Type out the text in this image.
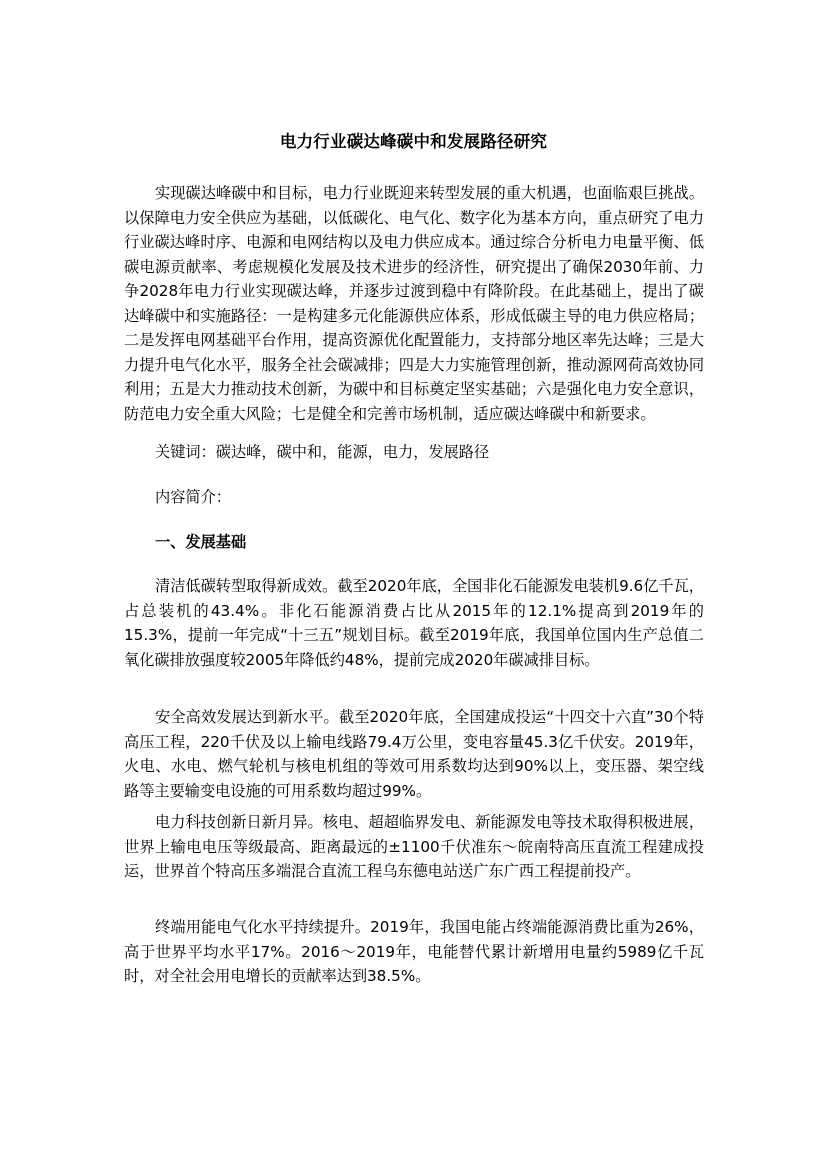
电力行业碳达峰碳中和发展路径研究

实现碳达峰碳中和目标，电力行业既迎来转型发展的重大机遇，也面临艰巨挑战。以保障电力安全供应为基础，以低碳化、电气化、数字化为基本方向，重点研究了电力行业碳达峰时序、电源和电网结构以及电力供应成本。通过综合分析电力电量平衡、低碳电源贡献率、考虑规模化发展及技术进步的经济性，研究提出了确保2030年前、力争2028年电力行业实现碳达峰，并逐步过渡到稳中有降阶段。在此基础上，提出了碳达峰碳中和实施路径：一是构建多元化能源供应体系，形成低碳主导的电力供应格局；二是发挥电网基础平台作用，提高资源优化配置能力，支持部分地区率先达峰；三是大力提升电气化水平，服务全社会碳减排；四是大力实施管理创新，推动源网荷高效协同利用；五是大力推动技术创新，为碳中和目标奠定坚实基础；六是强化电力安全意识，防范电力安全重大风险；七是健全和完善市场机制，适应碳达峰碳中和新要求。

关键词：碳达峰，碳中和，能源，电力，发展路径

内容简介：

一、发展基础

清洁低碳转型取得新成效。截至2020年底，全国非化石能源发电装机9.6亿千瓦，占总装机的43.4%。非化石能源消费占比从2015年的12.1%提高到2019年的15.3%，提前一年完成“十三五”规划目标。截至2019年底，我国单位国内生产总值二氧化碳排放强度较2005年降低约48%，提前完成2020年碳减排目标。

安全高效发展达到新水平。截至2020年底，全国建成投运“十四交十六直”30个特高压工程，220千伏及以上输电线路79.4万公里，变电容量45.3亿千伏安。2019年，火电、水电、燃气轮机与核电机组的等效可用系数均达到90%以上，变压器、架空线路等主要输变电设施的可用系数均超过99%。

电力科技创新日新月异。核电、超超临界发电、新能源发电等技术取得积极进展，世界上输电电压等级最高、距离最远的±1100千伏准东～皖南特高压直流工程建成投运，世界首个特高压多端混合直流工程乌东德电站送广东广西工程提前投产。

终端用能电气化水平持续提升。2019年，我国电能占终端能源消费比重为26%，高于世界平均水平17%。2016～2019年，电能替代累计新增用电量约5989亿千瓦时，对全社会用电增长的贡献率达到38.5%。
